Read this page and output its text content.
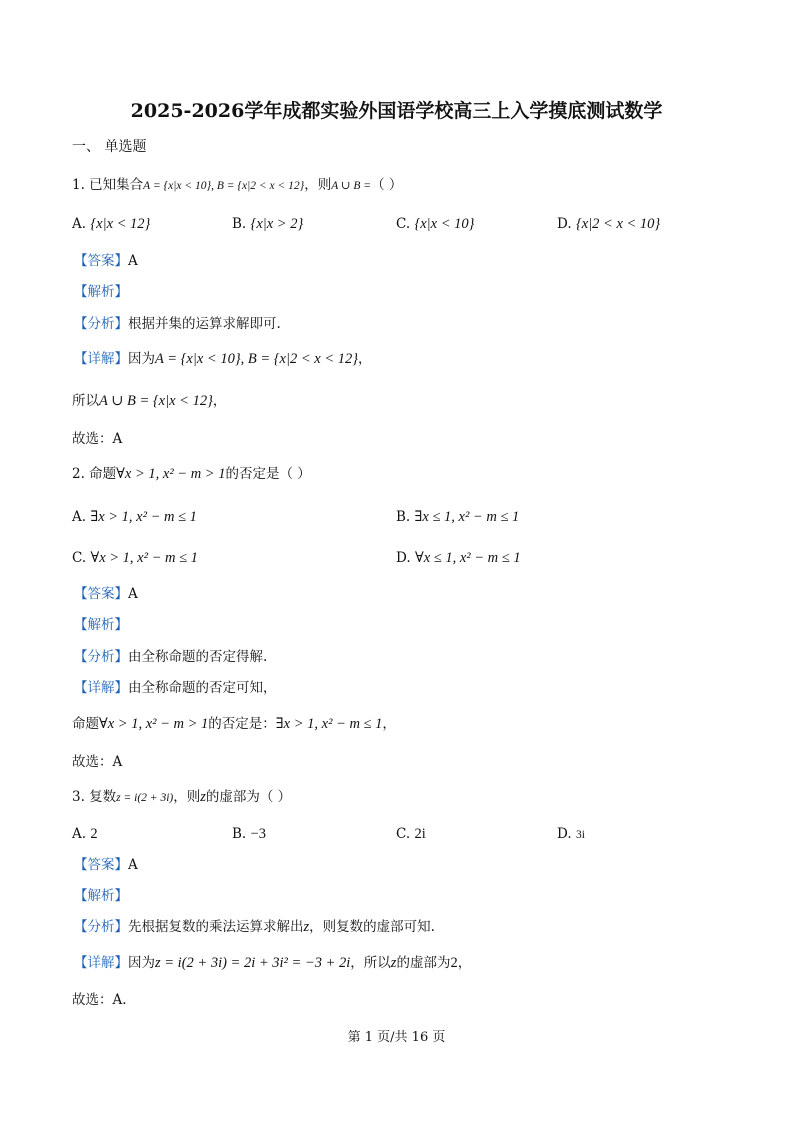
2025-2026学年成都实验外国语学校高三上入学摸底测试数学
一、 单选题
1. 已知集合A = {x|x < 10}, B = {x|2 < x < 12}，则A ∪ B =（ ）
A. {x|x < 12}	B. {x|x > 2}	C. {x|x < 10}	D. {x|2 < x < 10}
【答案】A
【解析】
【分析】根据并集的运算求解即可.
【详解】因为A = {x|x < 10}, B = {x|2 < x < 12}，
所以A ∪ B = {x|x < 12}，
故选：A
2. 命题∀x > 1, x² − m > 1的否定是（ ）
A. ∃x > 1, x² − m ≤ 1	B. ∃x ≤ 1, x² − m ≤ 1
C. ∀x > 1, x² − m ≤ 1	D. ∀x ≤ 1, x² − m ≤ 1
【答案】A
【解析】
【分析】由全称命题的否定得解.
【详解】由全称命题的否定可知，
命题∀x > 1, x² − m > 1的否定是：∃x > 1, x² − m ≤ 1，
故选：A
3. 复数z = i(2 + 3i)，则z的虚部为（ ）
A. 2	B. −3	C. 2i	D. 3i
【答案】A
【解析】
【分析】先根据复数的乘法运算求解出z，则复数的虚部可知.
【详解】因为z = i(2 + 3i) = 2i + 3i² = −3 + 2i，所以z的虚部为2，
故选：A.
第 1 页/共 16 页
